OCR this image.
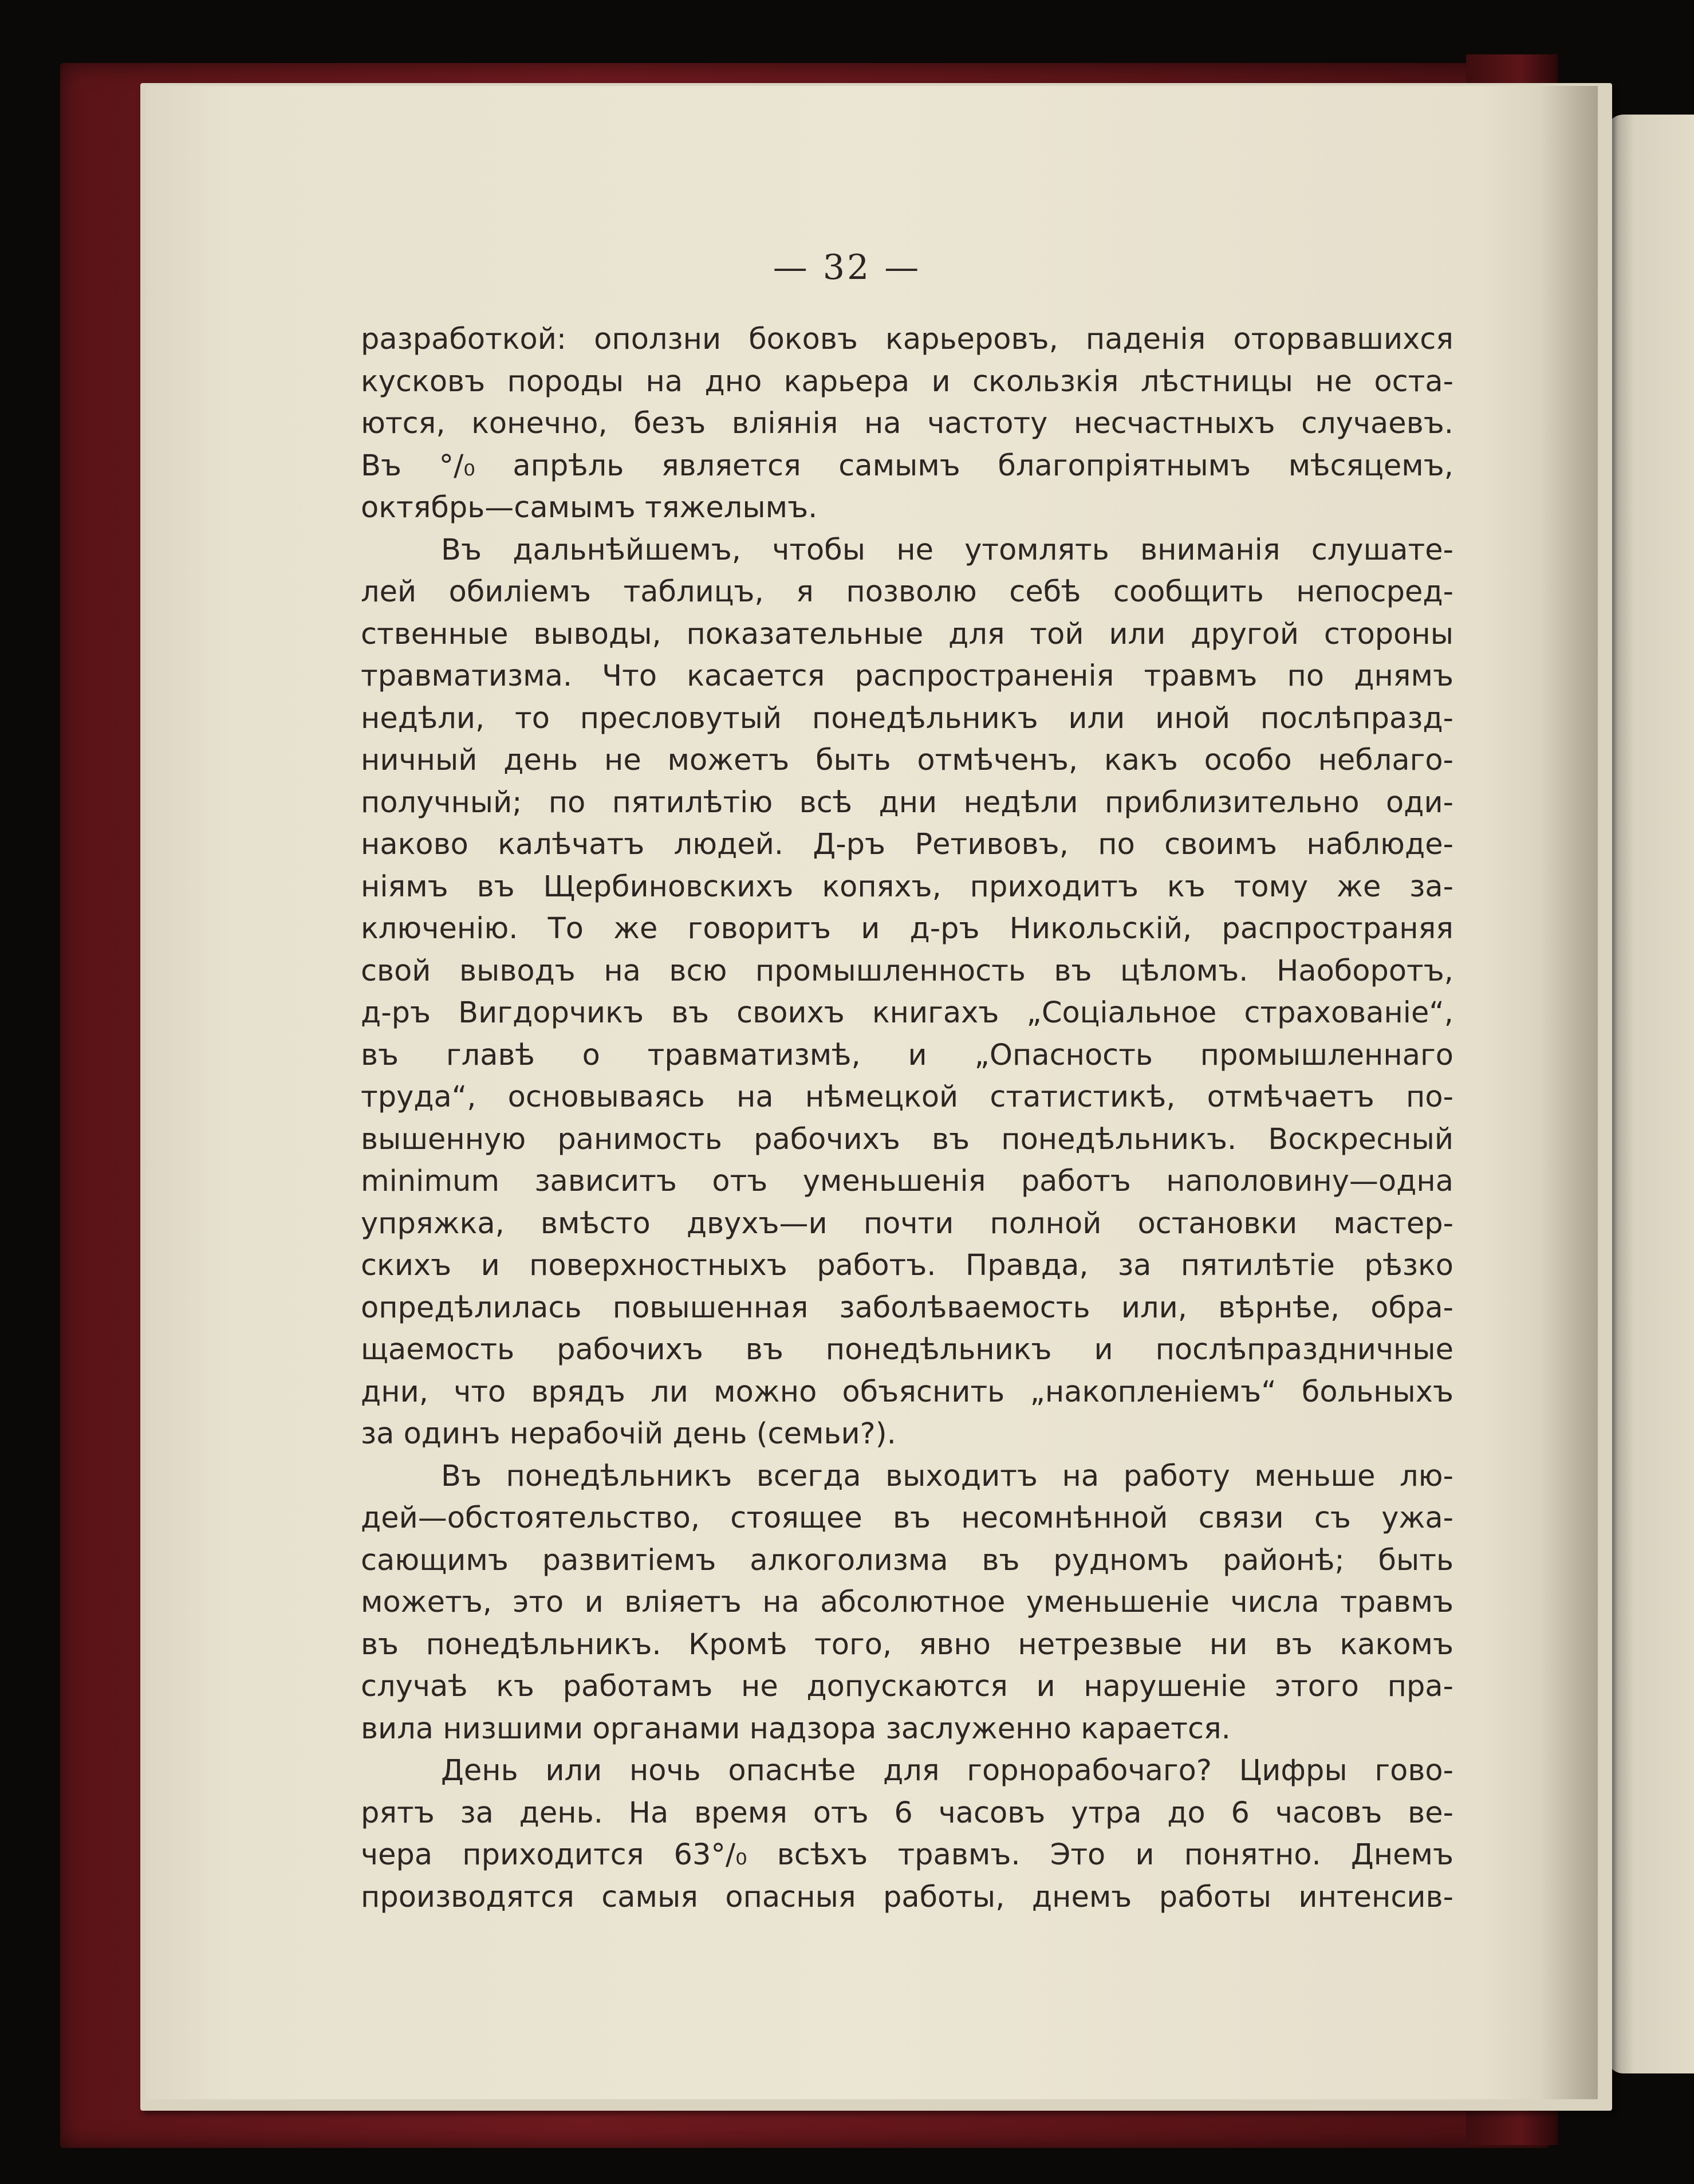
— 32 —
разработкой: оползни боковъ карьеровъ, паденія оторвавшихся
кусковъ породы на дно карьера и скользкія лѣстницы не оста-
ются, конечно, безъ вліянія на частоту несчастныхъ случаевъ.
Въ °/₀ апрѣль является самымъ благопріятнымъ мѣсяцемъ,
октябрь—самымъ тяжелымъ.
Въ дальнѣйшемъ, чтобы не утомлять вниманія слушате-
лей обиліемъ таблицъ, я позволю себѣ сообщить непосред-
ственные выводы, показательные для той или другой стороны
травматизма. Что касается распространенія травмъ по днямъ
недѣли, то пресловутый понедѣльникъ или иной послѣпразд-
ничный день не можетъ быть отмѣченъ, какъ особо неблаго-
получный; по пятилѣтію всѣ дни недѣли приблизительно оди-
наково калѣчатъ людей. Д-ръ Ретивовъ, по своимъ наблюде-
ніямъ въ Щербиновскихъ копяхъ, приходитъ къ тому же за-
ключенію. То же говоритъ и д-ръ Никольскій, распространяя
свой выводъ на всю промышленность въ цѣломъ. Наоборотъ,
д-ръ Вигдорчикъ въ своихъ книгахъ „Соціальное страхованіе“,
въ главѣ о травматизмѣ, и „Опасность промышленнаго
труда“, основываясь на нѣмецкой статистикѣ, отмѣчаетъ по-
вышенную ранимость рабочихъ въ понедѣльникъ. Воскресный
minimum зависитъ отъ уменьшенія работъ наполовину—одна
упряжка, вмѣсто двухъ—и почти полной остановки мастер-
скихъ и поверхностныхъ работъ. Правда, за пятилѣтіе рѣзко
опредѣлилась повышенная заболѣваемость или, вѣрнѣе, обра-
щаемость рабочихъ въ понедѣльникъ и послѣпраздничные
дни, что врядъ ли можно объяснить „накопленіемъ“ больныхъ
за одинъ нерабочій день (семьи?).
Въ понедѣльникъ всегда выходитъ на работу меньше лю-
дей—обстоятельство, стоящее въ несомнѣнной связи съ ужа-
сающимъ развитіемъ алкоголизма въ рудномъ районѣ; быть
можетъ, это и вліяетъ на абсолютное уменьшеніе числа травмъ
въ понедѣльникъ. Кромѣ того, явно нетрезвые ни въ какомъ
случаѣ къ работамъ не допускаются и нарушеніе этого пра-
вила низшими органами надзора заслуженно карается.
День или ночь опаснѣе для горнорабочаго? Цифры гово-
рятъ за день. На время отъ 6 часовъ утра до 6 часовъ ве-
чера приходится 63°/₀ всѣхъ травмъ. Это и понятно. Днемъ
производятся самыя опасныя работы, днемъ работы интенсив-
